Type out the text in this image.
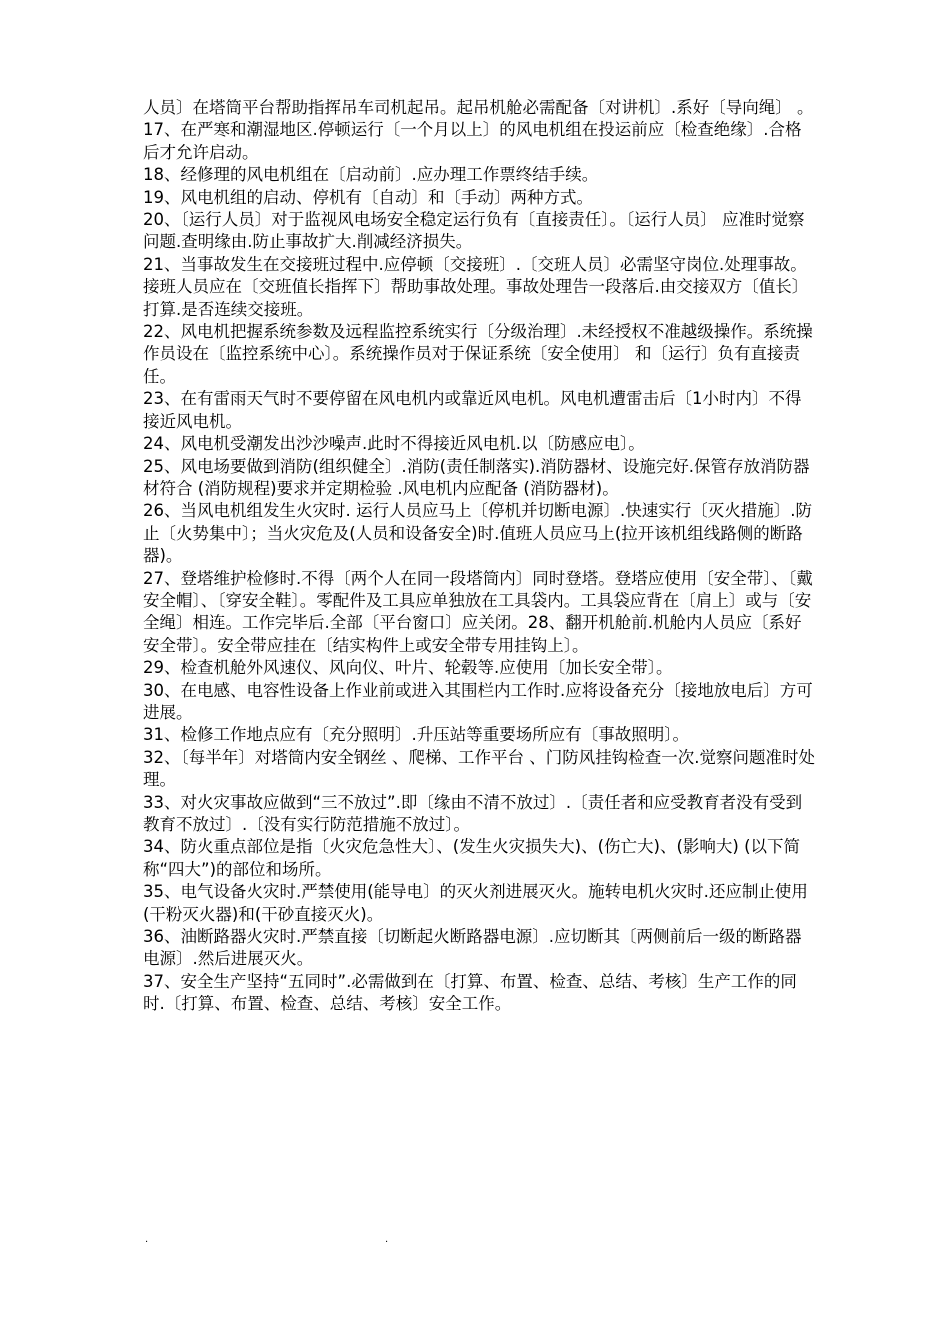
人员〕在塔筒平台帮助指挥吊车司机起吊。起吊机舱必需配备〔对讲机〕.系好〔导向绳〕 。

17、在严寒和潮湿地区.停顿运行〔一个月以上〕的风电机组在投运前应〔检查绝缘〕.合格后才允许启动。

18、经修理的风电机组在〔启动前〕.应办理工作票终结手续。

19、风电机组的启动、停机有〔自动〕和〔手动〕两种方式。

20、〔运行人员〕对于监视风电场安全稳定运行负有〔直接责任〕。〔运行人员〕 应准时觉察问题.查明缘由.防止事故扩大.削减经济损失。

21、当事故发生在交接班过程中.应停顿〔交接班〕.〔交班人员〕必需坚守岗位.处理事故。接班人员应在〔交班值长指挥下〕帮助事故处理。事故处理告一段落后.由交接双方〔值长〕打算.是否连续交接班。

22、风电机把握系统参数及远程监控系统实行〔分级治理〕.未经授权不准越级操作。系统操作员设在〔监控系统中心〕。系统操作员对于保证系统〔安全使用〕 和〔运行〕负有直接责任。

23、在有雷雨天气时不要停留在风电机内或靠近风电机。风电机遭雷击后〔1小时内〕不得接近风电机。

24、风电机受潮发出沙沙噪声.此时不得接近风电机.以〔防感应电〕。

25、风电场要做到消防(组织健全〕.消防(责任制落实).消防器材、设施完好.保管存放消防器材符合 (消防规程)要求并定期检验 .风电机内应配备 (消防器材)。

26、当风电机组发生火灾时. 运行人员应马上〔停机并切断电源〕.快速实行〔灭火措施〕.防止〔火势集中〕；当火灾危及(人员和设备安全)时.值班人员应马上(拉开该机组线路侧的断路器)。

27、登塔维护检修时.不得〔两个人在同一段塔筒内〕同时登塔。登塔应使用〔安全带〕、〔戴安全帽〕、〔穿安全鞋〕。零配件及工具应单独放在工具袋内。工具袋应背在〔肩上〕或与〔安全绳〕相连。工作完毕后.全部〔平台窗口〕应关闭。28、翻开机舱前.机舱内人员应〔系好安全带〕。安全带应挂在〔结实构件上或安全带专用挂钩上〕。

29、检查机舱外风速仪、风向仪、叶片、轮毂等.应使用〔加长安全带〕。

30、在电感、电容性设备上作业前或进入其围栏内工作时.应将设备充分〔接地放电后〕方可进展。

31、检修工作地点应有〔充分照明〕.升压站等重要场所应有〔事故照明〕。

32、〔每半年〕对塔筒内安全钢丝 、爬梯、工作平台 、门防风挂钩检查一次.觉察问题准时处理。

33、对火灾事故应做到“三不放过”.即〔缘由不清不放过〕.〔责任者和应受教育者没有受到教育不放过〕.〔没有实行防范措施不放过〕。

34、防火重点部位是指〔火灾危急性大〕、(发生火灾损失大)、(伤亡大)、(影响大) (以下简称“四大”)的部位和场所。

35、电气设备火灾时.严禁使用(能导电〕的灭火剂进展灭火。施转电机火灾时.还应制止使用(干粉灭火器)和(干砂直接灭火)。

36、油断路器火灾时.严禁直接〔切断起火断路器电源〕.应切断其〔两侧前后一级的断路器电源〕.然后进展灭火。

37、安全生产坚持“五同时”.必需做到在〔打算、布置、检查、总结、考核〕生产工作的同时.〔打算、布置、检查、总结、考核〕安全工作。

.	.
